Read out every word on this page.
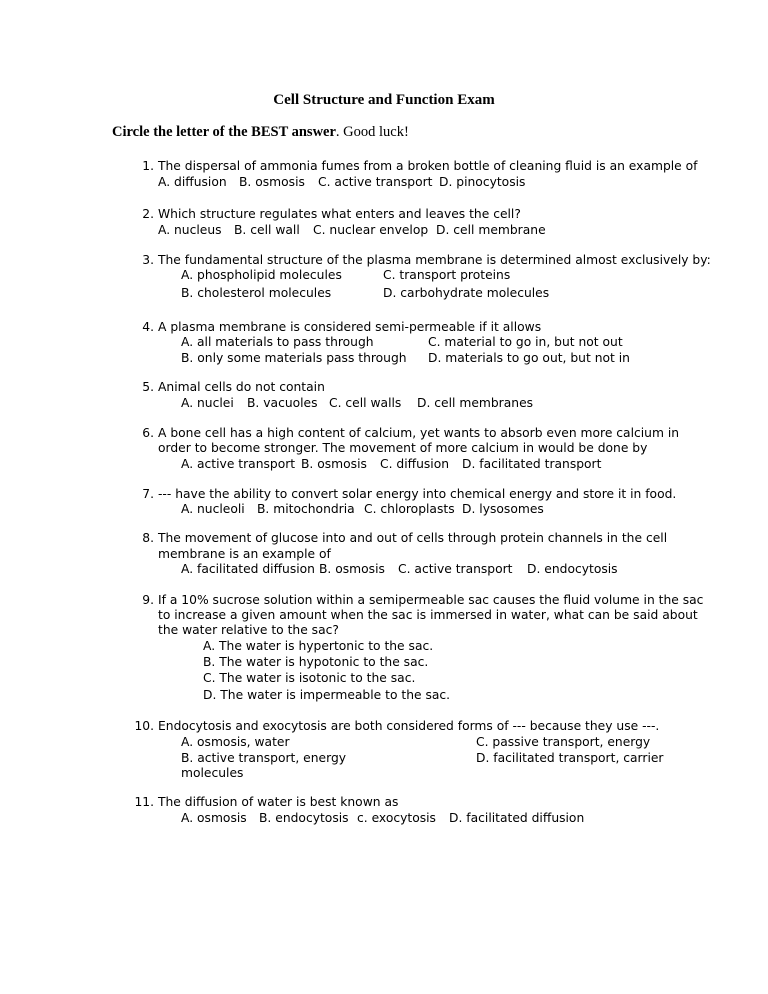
Cell Structure and Function Exam
Circle the letter of the BEST answer. Good luck!
1. The dispersal of ammonia fumes from a broken bottle of cleaning fluid is an example of
A. diffusion B. osmosis C. active transport D. pinocytosis
2. Which structure regulates what enters and leaves the cell?
A. nucleus B. cell wall C. nuclear envelop D. cell membrane
3. The fundamental structure of the plasma membrane is determined almost exclusively by:
A. phospholipid molecules	C. transport proteins
B. cholesterol molecules	D. carbohydrate molecules
4. A plasma membrane is considered semi-permeable if it allows
A. all materials to pass through	C. material to go in, but not out
B. only some materials pass through D. materials to go out, but not in
5. Animal cells do not contain
A. nuclei B. vacuoles C. cell walls D. cell membranes
6. A bone cell has a high content of calcium, yet wants to absorb even more calcium in
order to become stronger. The movement of more calcium in would be done by
A. active transport B. osmosis C. diffusion D. facilitated transport
7. --- have the ability to convert solar energy into chemical energy and store it in food.
A. nucleoli B. mitochondria C. chloroplasts D. lysosomes
8. The movement of glucose into and out of cells through protein channels in the cell
membrane is an example of
A. facilitated diffusion B. osmosis C. active transport D. endocytosis
9. If a 10% sucrose solution within a semipermeable sac causes the fluid volume in the sac
to increase a given amount when the sac is immersed in water, what can be said about
the water relative to the sac?
A. The water is hypertonic to the sac.
B. The water is hypotonic to the sac.
C. The water is isotonic to the sac.
D. The water is impermeable to the sac.
10. Endocytosis and exocytosis are both considered forms of --- because they use ---.
A. osmosis, water	C. passive transport, energy
B. active transport, energy	D. facilitated transport, carrier
molecules
11. The diffusion of water is best known as
A. osmosis B. endocytosis c. exocytosis D. facilitated diffusion
